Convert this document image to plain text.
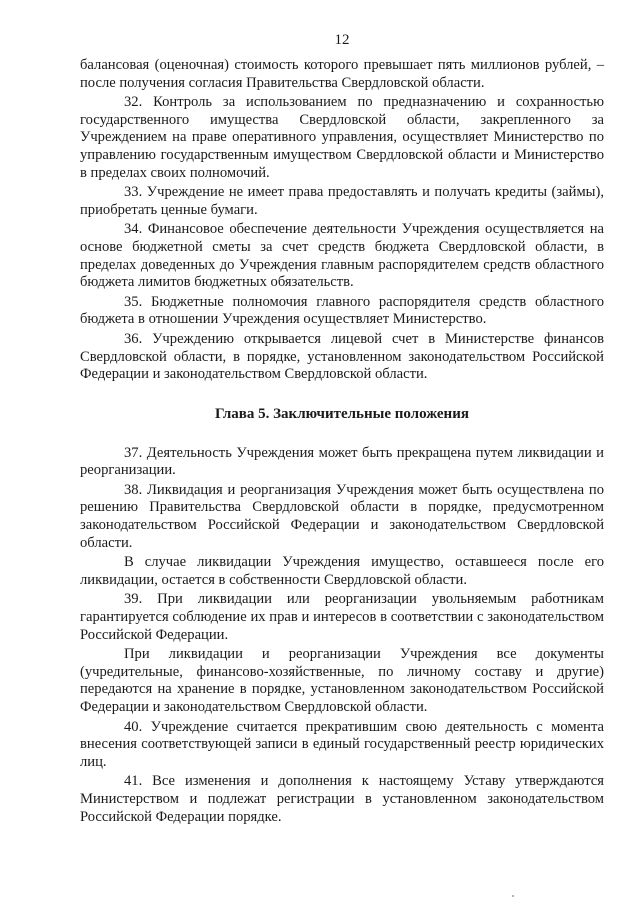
12

балансовая (оценочная) стоимость которого превышает пять миллионов рублей, – после получения согласия Правительства Свердловской области.

32. Контроль за использованием по предназначению и сохранностью государственного имущества Свердловской области, закрепленного за Учреждением на праве оперативного управления, осуществляет Министерство по управлению государственным имуществом Свердловской области и Министерство в пределах своих полномочий.

33. Учреждение не имеет права предоставлять и получать кредиты (займы), приобретать ценные бумаги.

34. Финансовое обеспечение деятельности Учреждения осуществляется на основе бюджетной сметы за счет средств бюджета Свердловской области, в пределах доведенных до Учреждения главным распорядителем средств областного бюджета лимитов бюджетных обязательств.

35. Бюджетные полномочия главного распорядителя средств областного бюджета в отношении Учреждения осуществляет Министерство.

36. Учреждению открывается лицевой счет в Министерстве финансов Свердловской области, в порядке, установленном законодательством Российской Федерации и законодательством Свердловской области.

Глава 5. Заключительные положения

37. Деятельность Учреждения может быть прекращена путем ликвидации и реорганизации.

38. Ликвидация и реорганизация Учреждения может быть осуществлена по решению Правительства Свердловской области в порядке, предусмотренном законодательством Российской Федерации и законодательством Свердловской области.

В случае ликвидации Учреждения имущество, оставшееся после его ликвидации, остается в собственности Свердловской области.

39. При ликвидации или реорганизации увольняемым работникам гарантируется соблюдение их прав и интересов в соответствии с законодательством Российской Федерации.

При ликвидации и реорганизации Учреждения все документы (учредительные, финансово-хозяйственные, по личному составу и другие) передаются на хранение в порядке, установленном законодательством Российской Федерации и законодательством Свердловской области.

40. Учреждение считается прекратившим свою деятельность с момента внесения соответствующей записи в единый государственный реестр юридических лиц.

41. Все изменения и дополнения к настоящему Уставу утверждаются Министерством и подлежат регистрации в установленном законодательством Российской Федерации порядке.
